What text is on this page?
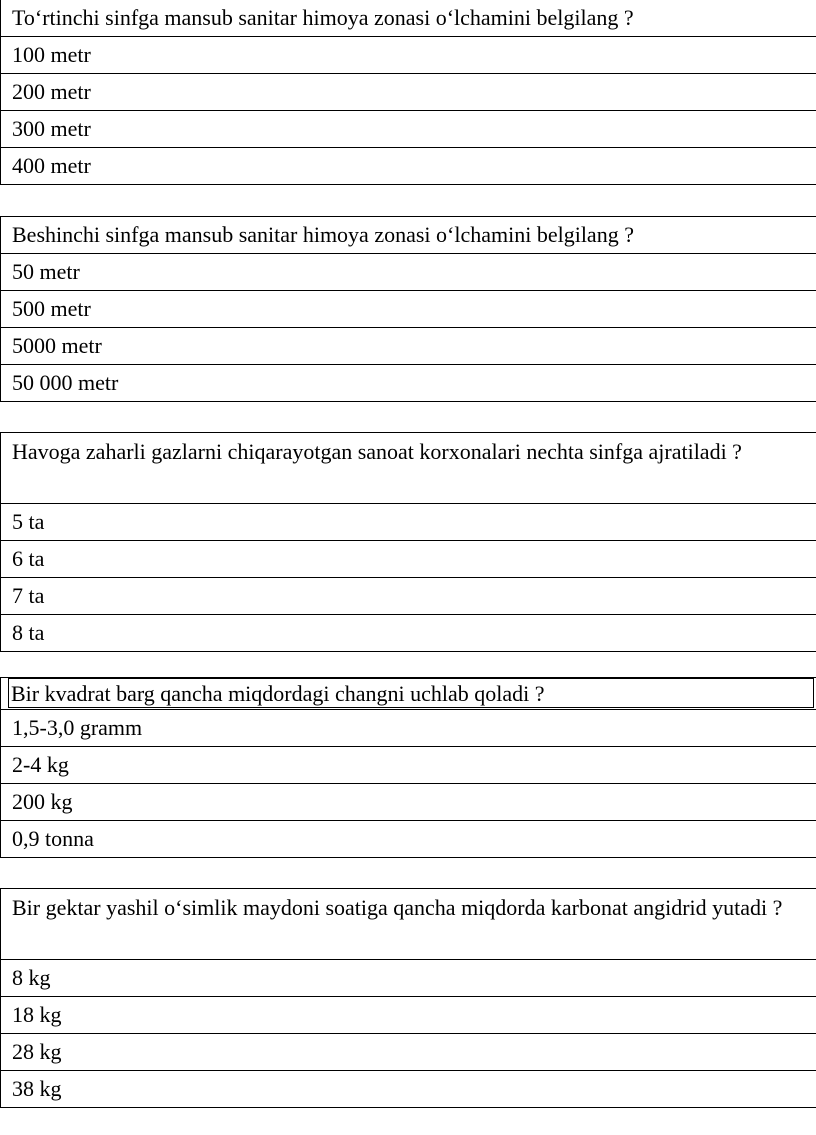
To‘rtinchi sinfga mansub sanitar himoya zonasi o‘lchamini belgilang ?
100 metr
200 metr
300 metr
400 metr
Beshinchi sinfga mansub sanitar himoya zonasi o‘lchamini belgilang ?
50 metr
500 metr
5000 metr
50 000 metr
Havoga zaharli gazlarni chiqarayotgan sanoat korxonalari nechta sinfga ajratiladi ?
5 ta
6 ta
7 ta
8 ta
Bir kvadrat barg qancha miqdordagi changni uchlab qoladi ?

1,5-3,0 gramm
2-4 kg
200 kg
0,9 tonna
Bir gektar yashil o‘simlik maydoni soatiga qancha miqdorda karbonat angidrid yutadi ?
8 kg
18 kg
28 kg
38 kg
